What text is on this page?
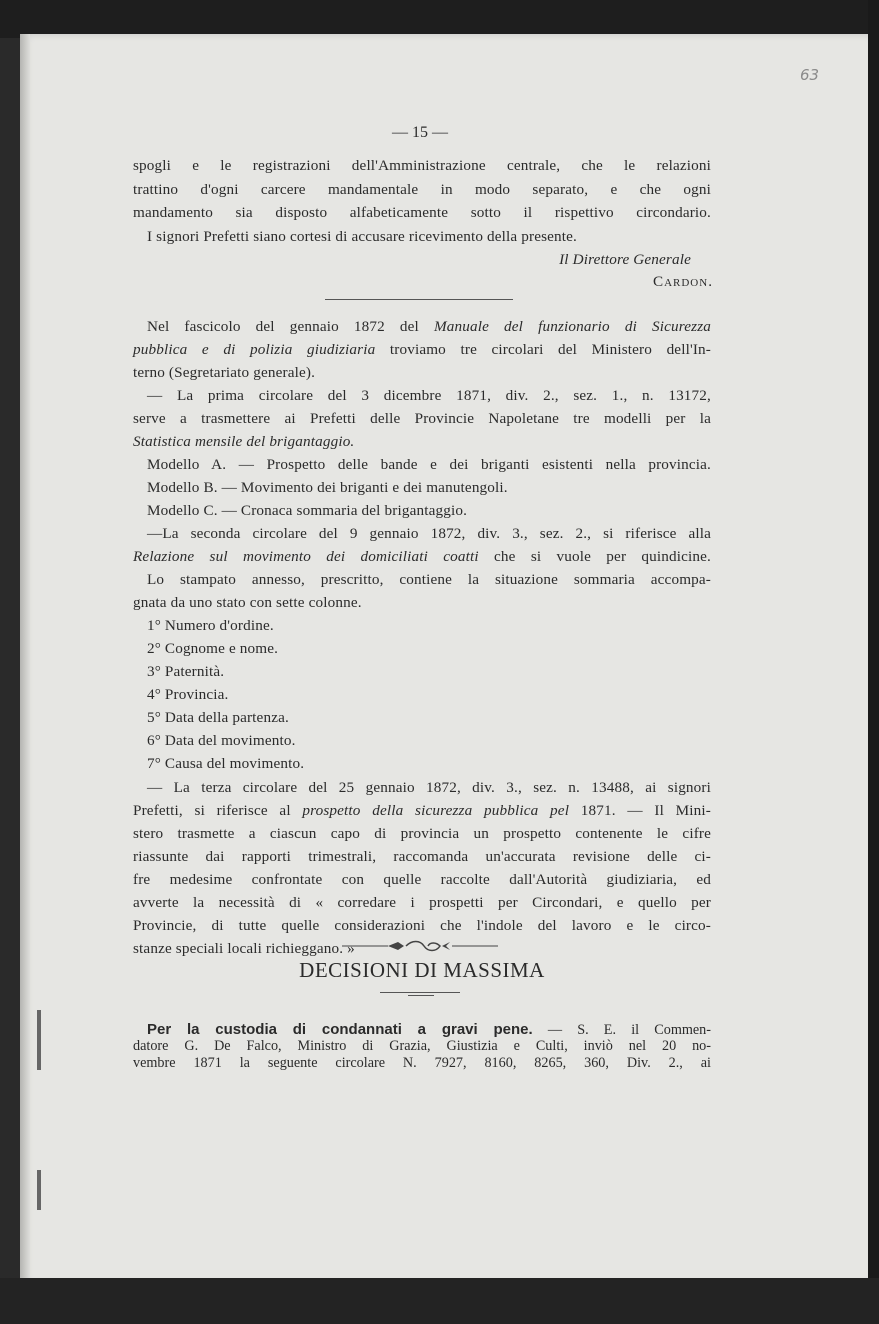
63
— 15 —
spogli e le registrazioni dell'Amministrazione centrale, che le relazioni
trattino d'ogni carcere mandamentale in modo separato, e che ogni
mandamento sia disposto alfabeticamente sotto il rispettivo circondario.
I signori Prefetti siano cortesi di accusare ricevimento della presente.
Il Direttore Generale
Cardon.
Nel fascicolo del gennaio 1872 del Manuale del funzionario di Sicurezza
pubblica e di polizia giudiziaria troviamo tre circolari del Ministero dell'In-
terno (Segretariato generale).
— La prima circolare del 3 dicembre 1871, div. 2., sez. 1., n. 13172,
serve a trasmettere ai Prefetti delle Provincie Napoletane tre modelli per la
Statistica mensile del brigantaggio.
Modello A. — Prospetto delle bande e dei briganti esistenti nella provincia.
Modello B. — Movimento dei briganti e dei manutengoli.
Modello C. — Cronaca sommaria del brigantaggio.
—La seconda circolare del 9 gennaio 1872, div. 3., sez. 2., si riferisce alla
Relazione sul movimento dei domiciliati coatti che si vuole per quindicine.
Lo stampato annesso, prescritto, contiene la situazione sommaria accompa-
gnata da uno stato con sette colonne.
1° Numero d'ordine.
2° Cognome e nome.
3° Paternità.
4° Provincia.
5° Data della partenza.
6° Data del movimento.
7° Causa del movimento.
— La terza circolare del 25 gennaio 1872, div. 3., sez. n. 13488, ai signori
Prefetti, si riferisce al prospetto della sicurezza pubblica pel 1871. — Il Mini-
stero trasmette a ciascun capo di provincia un prospetto contenente le cifre
riassunte dai rapporti trimestrali, raccomanda un'accurata revisione delle ci-
fre medesime confrontate con quelle raccolte dall'Autorità giudiziaria, ed
avverte la necessità di « corredare i prospetti per Circondari, e quello per
Provincie, di tutte quelle considerazioni che l'indole del lavoro e le circo-
stanze speciali locali richieggano. »
DECISIONI DI MASSIMA
Per la custodia di condannati a gravi pene. — S. E. il Commen-
datore G. De Falco, Ministro di Grazia, Giustizia e Culti, inviò nel 20 no-
vembre 1871 la seguente circolare N. 7927, 8160, 8265, 360, Div. 2., ai
